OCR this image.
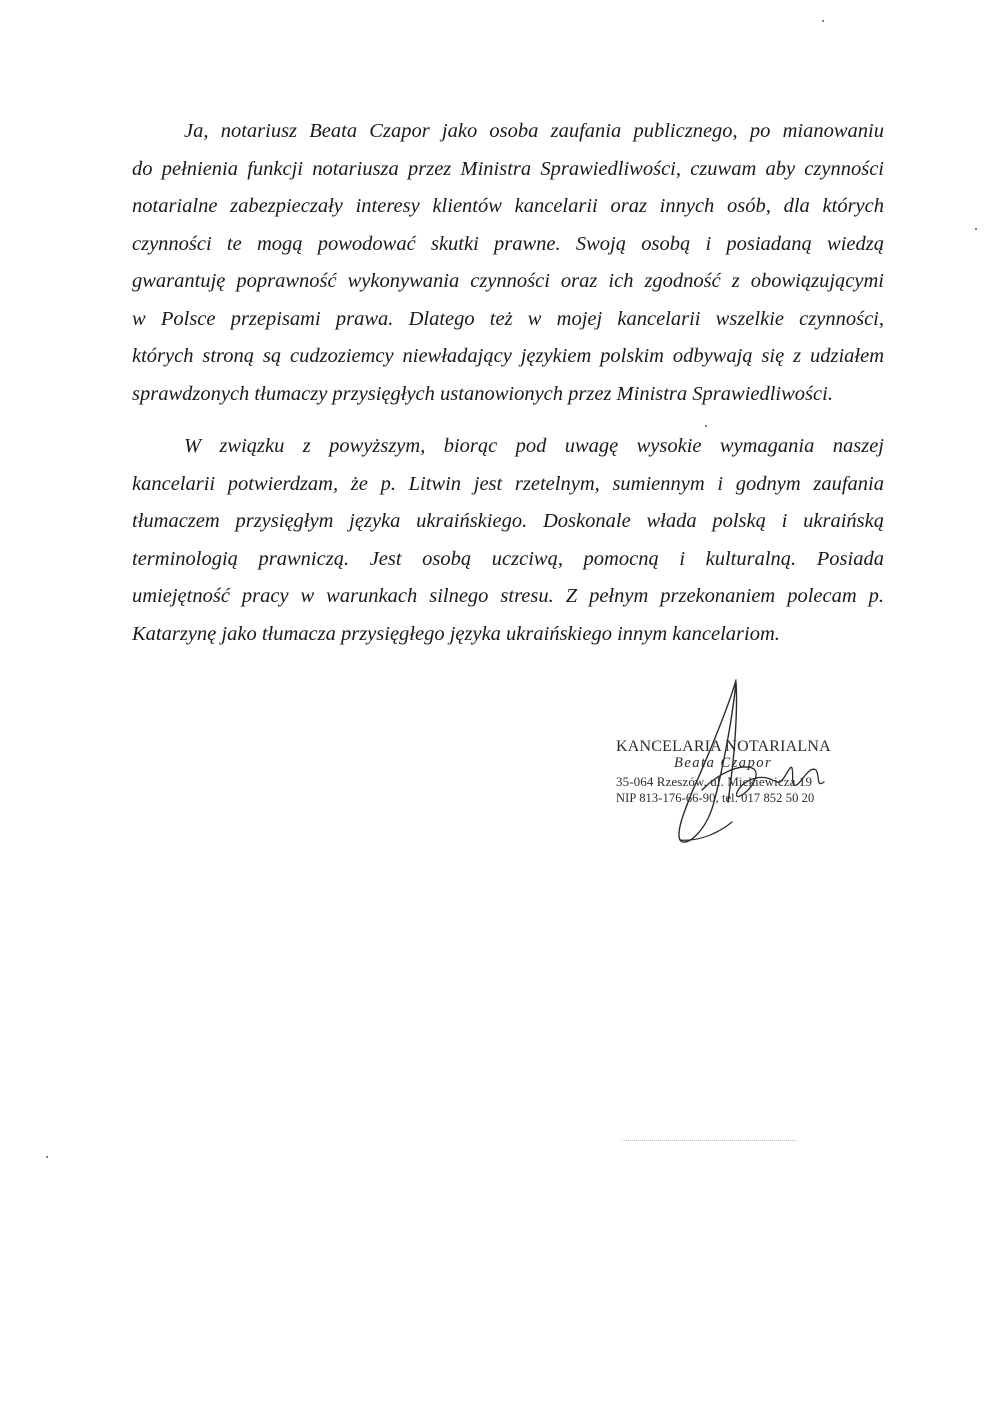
Ja, notariusz Beata Czapor jako osoba zaufania publicznego, po mianowaniu
do pełnienia funkcji notariusza przez Ministra Sprawiedliwości, czuwam aby czynności
notarialne zabezpieczały interesy klientów kancelarii oraz innych osób, dla których
czynności te mogą powodować skutki prawne. Swoją osobą i posiadaną wiedzą
gwarantuję poprawność wykonywania czynności oraz ich zgodność z obowiązującymi
w Polsce przepisami prawa. Dlatego też w mojej kancelarii wszelkie czynności,
których stroną są cudzoziemcy niewładający językiem polskim odbywają się z udziałem
sprawdzonych tłumaczy przysięgłych ustanowionych przez Ministra Sprawiedliwości.
W związku z powyższym, biorąc pod uwagę wysokie wymagania naszej
kancelarii potwierdzam, że p. Litwin jest rzetelnym, sumiennym i godnym zaufania
tłumaczem przysięgłym języka ukraińskiego. Doskonale włada polską i ukraińską
terminologią prawniczą. Jest osobą uczciwą, pomocną i kulturalną. Posiada
umiejętność pracy w warunkach silnego stresu. Z pełnym przekonaniem polecam p.
Katarzynę jako tłumacza przysięgłego języka ukraińskiego innym kancelariom.
KANCELARIA NOTARIALNA
Beata Czapor
35-064 Rzeszów, ul. Mickiewicza 19
NIP 813-176-66-90, tel. 017 852 50 20
